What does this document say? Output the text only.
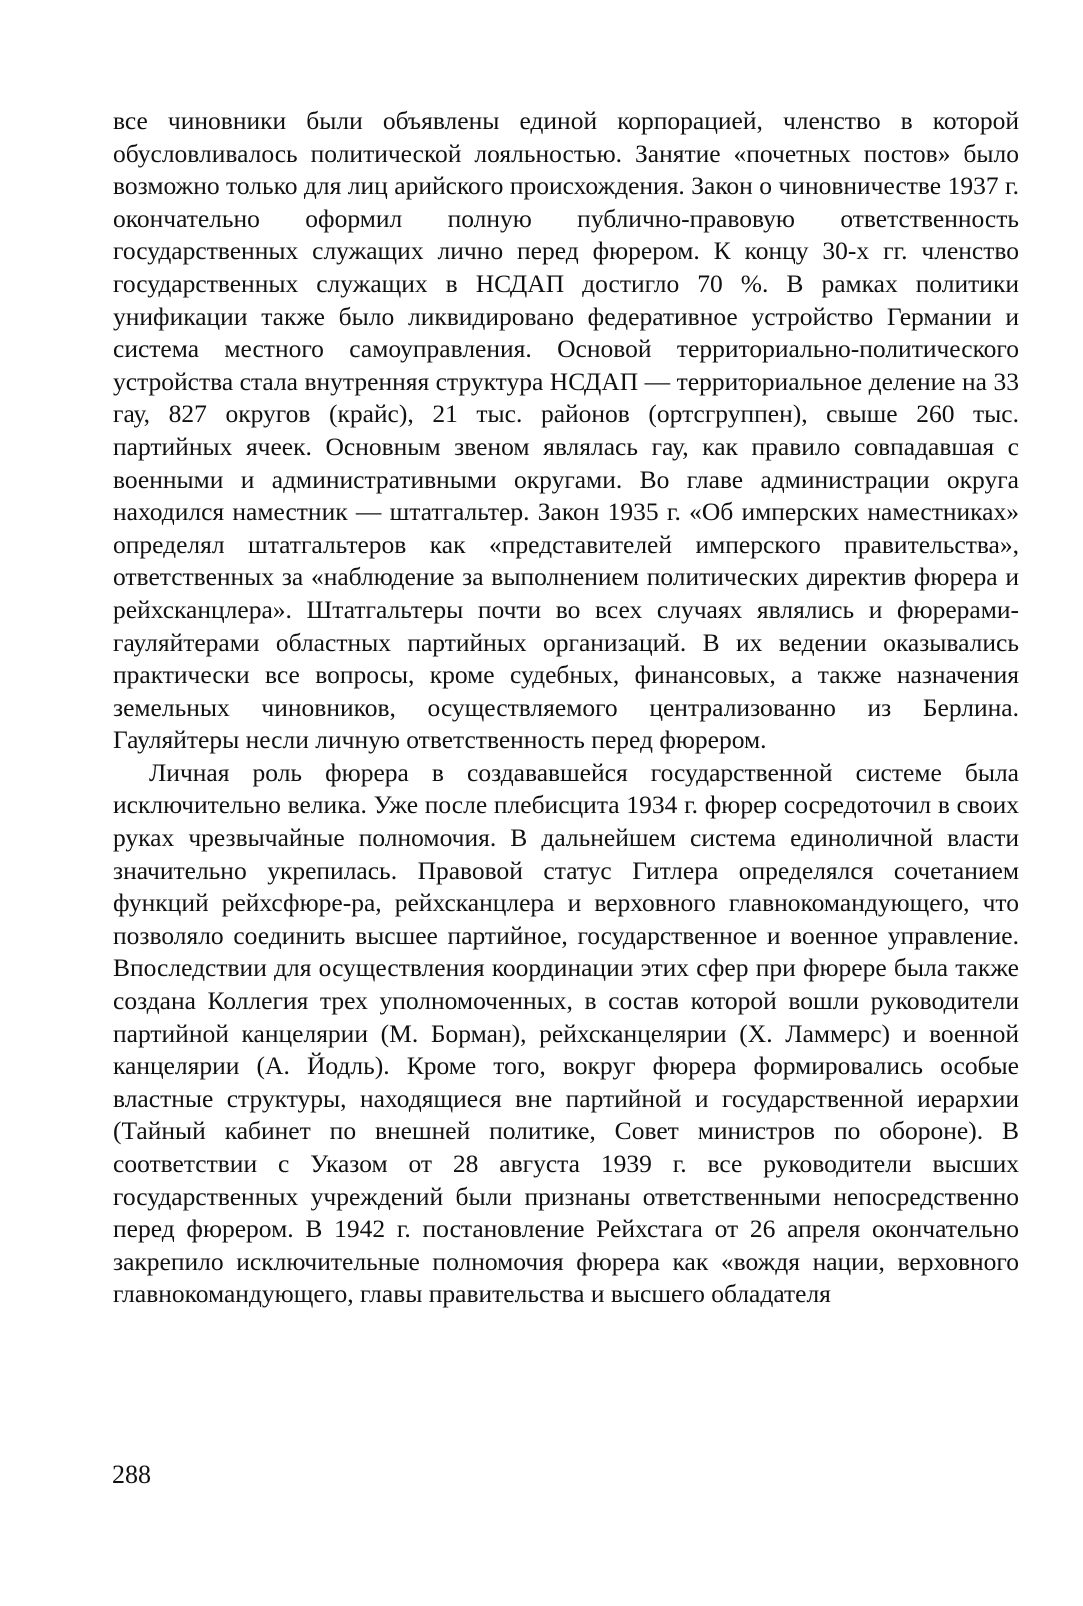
все чиновники были объявлены единой корпорацией, членство в которой обусловливалось политической лояльностью. Занятие «почетных постов» было возможно только для лиц арийского происхождения. Закон о чиновничестве 1937 г. окончательно оформил полную публично-правовую ответственность государственных служащих лично перед фюрером. К концу 30-х гг. членство государственных служащих в НСДАП достигло 70 %. В рамках политики унификации также было ликвидировано федеративное устройство Германии и система местного самоуправления. Основой территориально-политического устройства стала внутренняя структура НСДАП — территориальное деление на 33 гау, 827 округов (крайс), 21 тыс. районов (ортсгруппен), свыше 260 тыс. партийных ячеек. Основным звеном являлась гау, как правило совпадавшая с военными и административными округами. Во главе администрации округа находился наместник — штатгальтер. Закон 1935 г. «Об имперских наместниках» определял штатгальтеров как «представителей имперского правительства», ответственных за «наблюдение за выполнением политических директив фюрера и рейхсканцлера». Штатгальтеры почти во всех случаях являлись и фюрерами-гауляйтерами областных партийных организаций. В их ведении оказывались практически все вопросы, кроме судебных, финансовых, а также назначения земельных чиновников, осуществляемого централизованно из Берлина. Гауляйтеры несли личную ответственность перед фюрером.

Личная роль фюрера в создававшейся государственной системе была исключительно велика. Уже после плебисцита 1934 г. фюрер сосредоточил в своих руках чрезвычайные полномочия. В дальнейшем система единоличной власти значительно укрепилась. Правовой статус Гитлера определялся сочетанием функций рейхсфюре-ра, рейхсканцлера и верховного главнокомандующего, что позволяло соединить высшее партийное, государственное и военное управление. Впоследствии для осуществления координации этих сфер при фюрере была также создана Коллегия трех уполномоченных, в состав которой вошли руководители партийной канцелярии (М. Борман), рейхсканцелярии (X. Ламмерс) и военной канцелярии (А. Йодль). Кроме того, вокруг фюрера формировались особые властные структуры, находящиеся вне партийной и государственной иерархии (Тайный кабинет по внешней политике, Совет министров по обороне). В соответствии с Указом от 28 августа 1939 г. все руководители высших государственных учреждений были признаны ответственными непосредственно перед фюрером. В 1942 г. постановление Рейхстага от 26 апреля окончательно закрепило исключительные полномочия фюрера как «вождя нации, верховного главнокомандующего, главы правительства и высшего обладателя

288
